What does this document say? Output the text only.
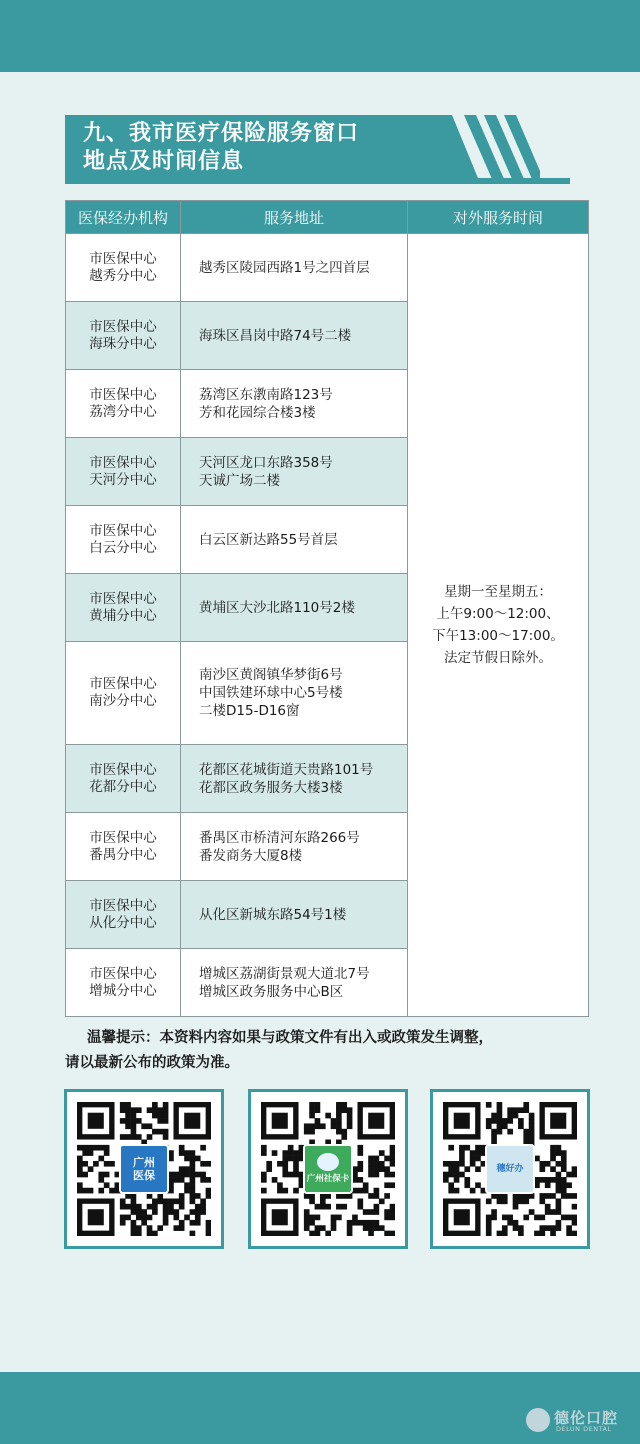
九、我市医疗保险服务窗口
地点及时间信息
医保经办机构	服务地址	对外服务时间

市医保中心
越秀分中心	越秀区陵园西路1号之四首层	星期一至星期五：
上午9:00～12:00、
下午13:00～17:00。
法定节假日除外。

市医保中心
海珠分中心	海珠区昌岗中路74号二楼	

市医保中心
荔湾分中心	荔湾区东漖南路123号
芳和花园综合楼3楼	

市医保中心
天河分中心	天河区龙口东路358号
天诚广场二楼	

市医保中心
白云分中心	白云区新达路55号首层	

市医保中心
黄埔分中心	黄埔区大沙北路110号2楼	

市医保中心
南沙分中心	南沙区黄阁镇华梦街6号
中国铁建环球中心5号楼
二楼D15-D16窗	

市医保中心
花都分中心	花都区花城街道天贵路101号
花都区政务服务大楼3楼	

市医保中心
番禺分中心	番禺区市桥清河东路266号
番发商务大厦8楼	

市医保中心
从化分中心	从化区新城东路54号1楼	

市医保中心
增城分中心	增城区荔湖街景观大道北7号
增城区政务服务中心B区	
温馨提示：本资料内容如果与政策文件有出入或政策发生调整，
请以最新公布的政策为准。
广州
医保	广州社保卡
穗好办
德伦口腔
DELUN DENTAL
